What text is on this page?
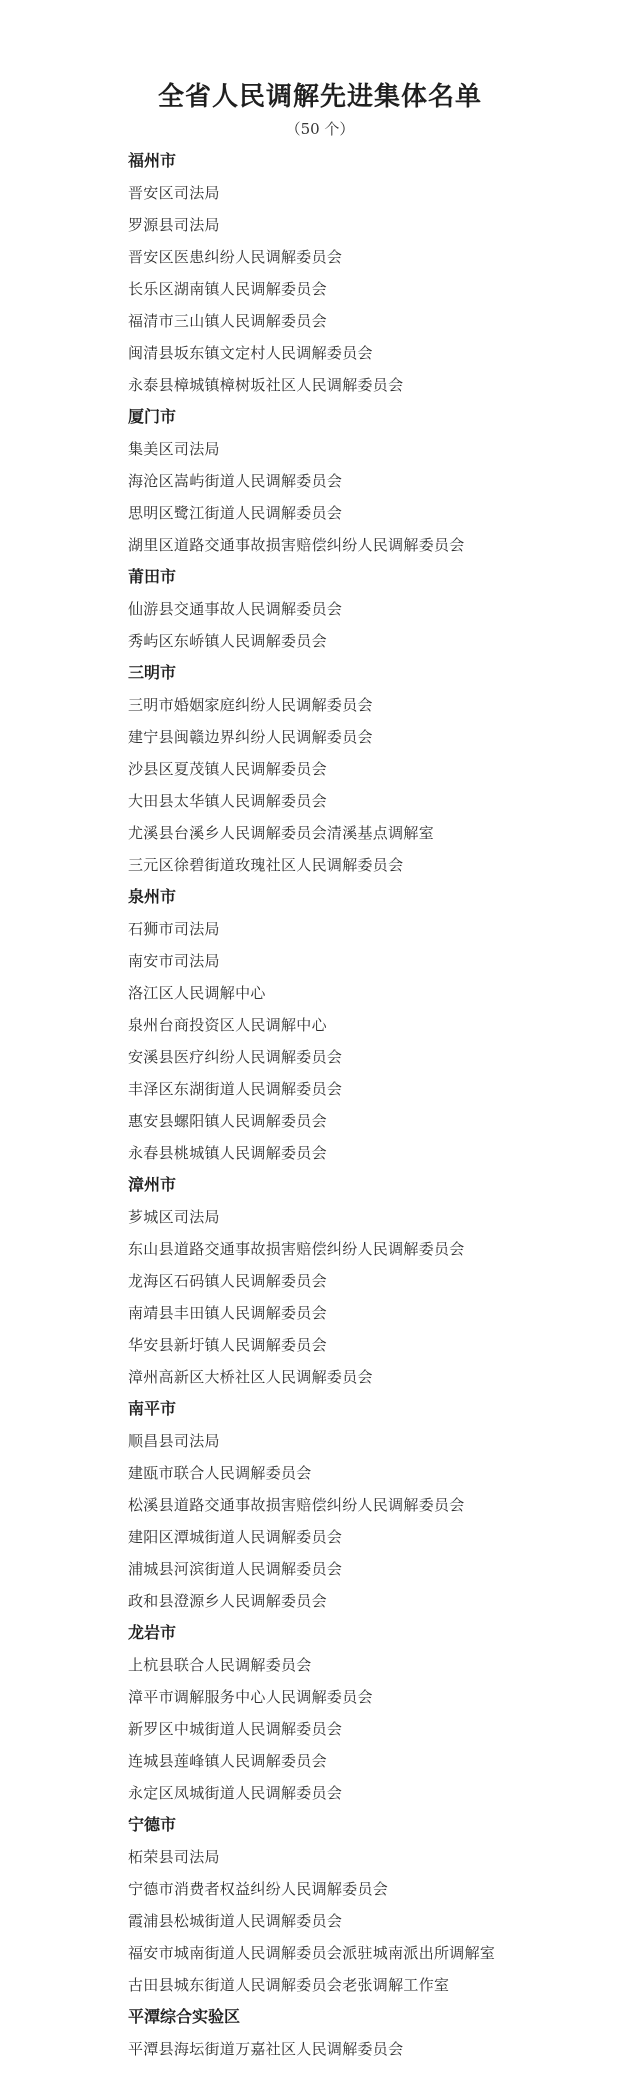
全省人民调解先进集体名单
（50 个）
福州市
晋安区司法局
罗源县司法局
晋安区医患纠纷人民调解委员会
长乐区湖南镇人民调解委员会
福清市三山镇人民调解委员会
闽清县坂东镇文定村人民调解委员会
永泰县樟城镇樟树坂社区人民调解委员会
厦门市
集美区司法局
海沧区嵩屿街道人民调解委员会
思明区鹭江街道人民调解委员会
湖里区道路交通事故损害赔偿纠纷人民调解委员会
莆田市
仙游县交通事故人民调解委员会
秀屿区东峤镇人民调解委员会
三明市
三明市婚姻家庭纠纷人民调解委员会
建宁县闽赣边界纠纷人民调解委员会
沙县区夏茂镇人民调解委员会
大田县太华镇人民调解委员会
尤溪县台溪乡人民调解委员会清溪基点调解室
三元区徐碧街道玫瑰社区人民调解委员会
泉州市
石狮市司法局
南安市司法局
洛江区人民调解中心
泉州台商投资区人民调解中心
安溪县医疗纠纷人民调解委员会
丰泽区东湖街道人民调解委员会
惠安县螺阳镇人民调解委员会
永春县桃城镇人民调解委员会
漳州市
芗城区司法局
东山县道路交通事故损害赔偿纠纷人民调解委员会
龙海区石码镇人民调解委员会
南靖县丰田镇人民调解委员会
华安县新圩镇人民调解委员会
漳州高新区大桥社区人民调解委员会
南平市
顺昌县司法局
建瓯市联合人民调解委员会
松溪县道路交通事故损害赔偿纠纷人民调解委员会
建阳区潭城街道人民调解委员会
浦城县河滨街道人民调解委员会
政和县澄源乡人民调解委员会
龙岩市
上杭县联合人民调解委员会
漳平市调解服务中心人民调解委员会
新罗区中城街道人民调解委员会
连城县莲峰镇人民调解委员会
永定区凤城街道人民调解委员会
宁德市
柘荣县司法局
宁德市消费者权益纠纷人民调解委员会
霞浦县松城街道人民调解委员会
福安市城南街道人民调解委员会派驻城南派出所调解室
古田县城东街道人民调解委员会老张调解工作室
平潭综合实验区
平潭县海坛街道万嘉社区人民调解委员会
